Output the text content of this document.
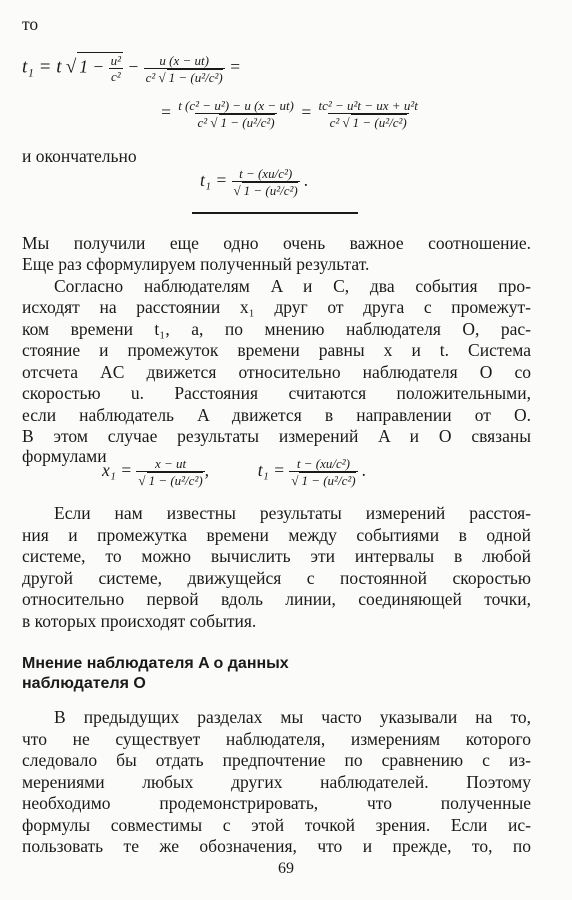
то
t₁ = t √ $1 - \frac{\text{u²}}{\text{c²}} - \frac{u (x - ut)}{\text{c² √ 1 − (u²/c²)}}$ =
= $\frac{\text{t (c² − u²) − u (x − ut)}}{\text{c² √ 1 − (u²/c²)}} = \frac{\text{tc² − u²t − ux + u²t}}{\text{c² √ 1 − (u²/c²)}}$
и окончательно
$t_1 = \frac{\text{t − (xu/c²)}}{\text{√ 1 − (u²/c²)}}$ .
Мы получили еще одно очень важное соотношение.
Еще раз сформулируем полученный результат.
Согласно наблюдателям A и C, два события про-
исходят на расстоянии x₁ друг от друга с промежут-
ком времени t₁, а, по мнению наблюдателя O, рас-
стояние и промежуток времени равны x и t. Система
отсчета AC движется относительно наблюдателя O со
скоростью u. Расстояния считаются положительными,
если наблюдатель A движется в направлении от O.
В этом случае результаты измерений A и O связаны
формулами
$x_1 = \frac{x - ut}{\text{√ 1 − (u²/c²)}}$ ,	$t_1 = \frac{\text{t − (xu/c²)}}{\text{√ 1 − (u²/c²)}}$ .
Если нам известны результаты измерений расстоя-
ния и промежутка времени между событиями в одной
системе, то можно вычислить эти интервалы в любой
другой системе, движущейся с постоянной скоростью
относительно первой вдоль линии, соединяющей точки,
в которых происходят события.
Мнение наблюдателя A о данных
наблюдателя O
В предыдущих разделах мы часто указывали на то,
что не существует наблюдателя, измерениям которого
следовало бы отдать предпочтение по сравнению с из-
мерениями любых других наблюдателей. Поэтому
необходимо продемонстрировать, что полученные
формулы совместимы с этой точкой зрения. Если ис-
пользовать те же обозначения, что и прежде, то, по
69
